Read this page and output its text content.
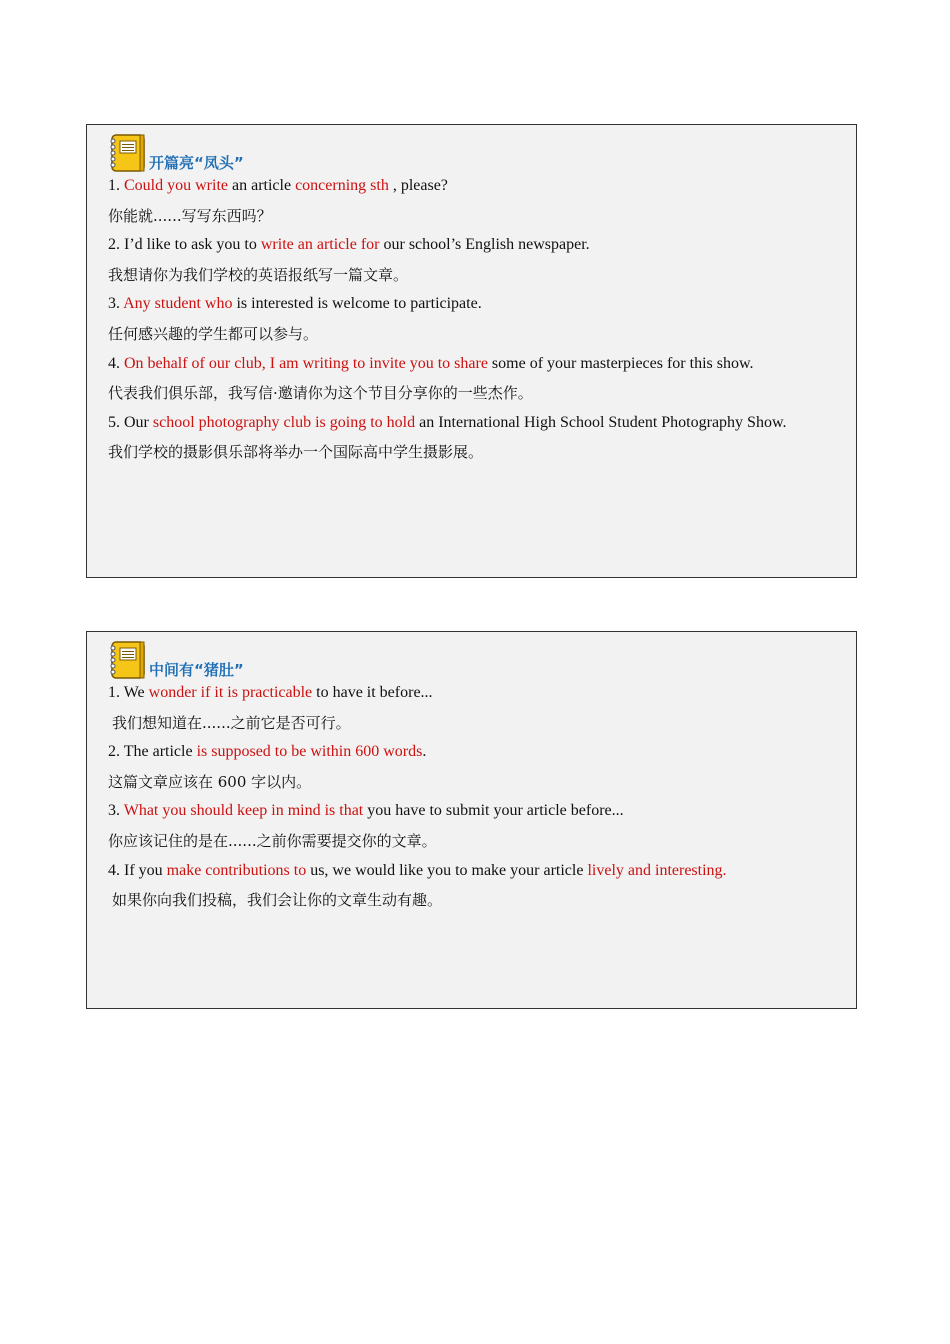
开篇亮“凤头”
1. Could you write an article concerning sth , please?
你能就......写写东西吗？
2. I’d like to ask you to write an article for our school’s English newspaper.
我想请你为我们学校的英语报纸写一篇文章。
3. Any student who is interested is welcome to participate.
任何感兴趣的学生都可以参与。
4. On behalf of our club, I am writing to invite you to share some of your masterpieces for this show.
代表我们俱乐部，我写信·邀请你为这个节目分享你的一些杰作。
5. Our school photography club is going to hold an International High School Student Photography Show.
我们学校的摄影俱乐部将举办一个国际高中学生摄影展。
中间有“猪肚”
1. We wonder if it is practicable to have it before...
我们想知道在......之前它是否可行。
2. The article is supposed to be within 600 words.
这篇文章应该在 600 字以内。
3. What you should keep in mind is that you have to submit your article before...
你应该记住的是在......之前你需要提交你的文章。
4. If you make contributions to us, we would like you to make your article lively and interesting.
如果你向我们投稿，我们会让你的文章生动有趣。
